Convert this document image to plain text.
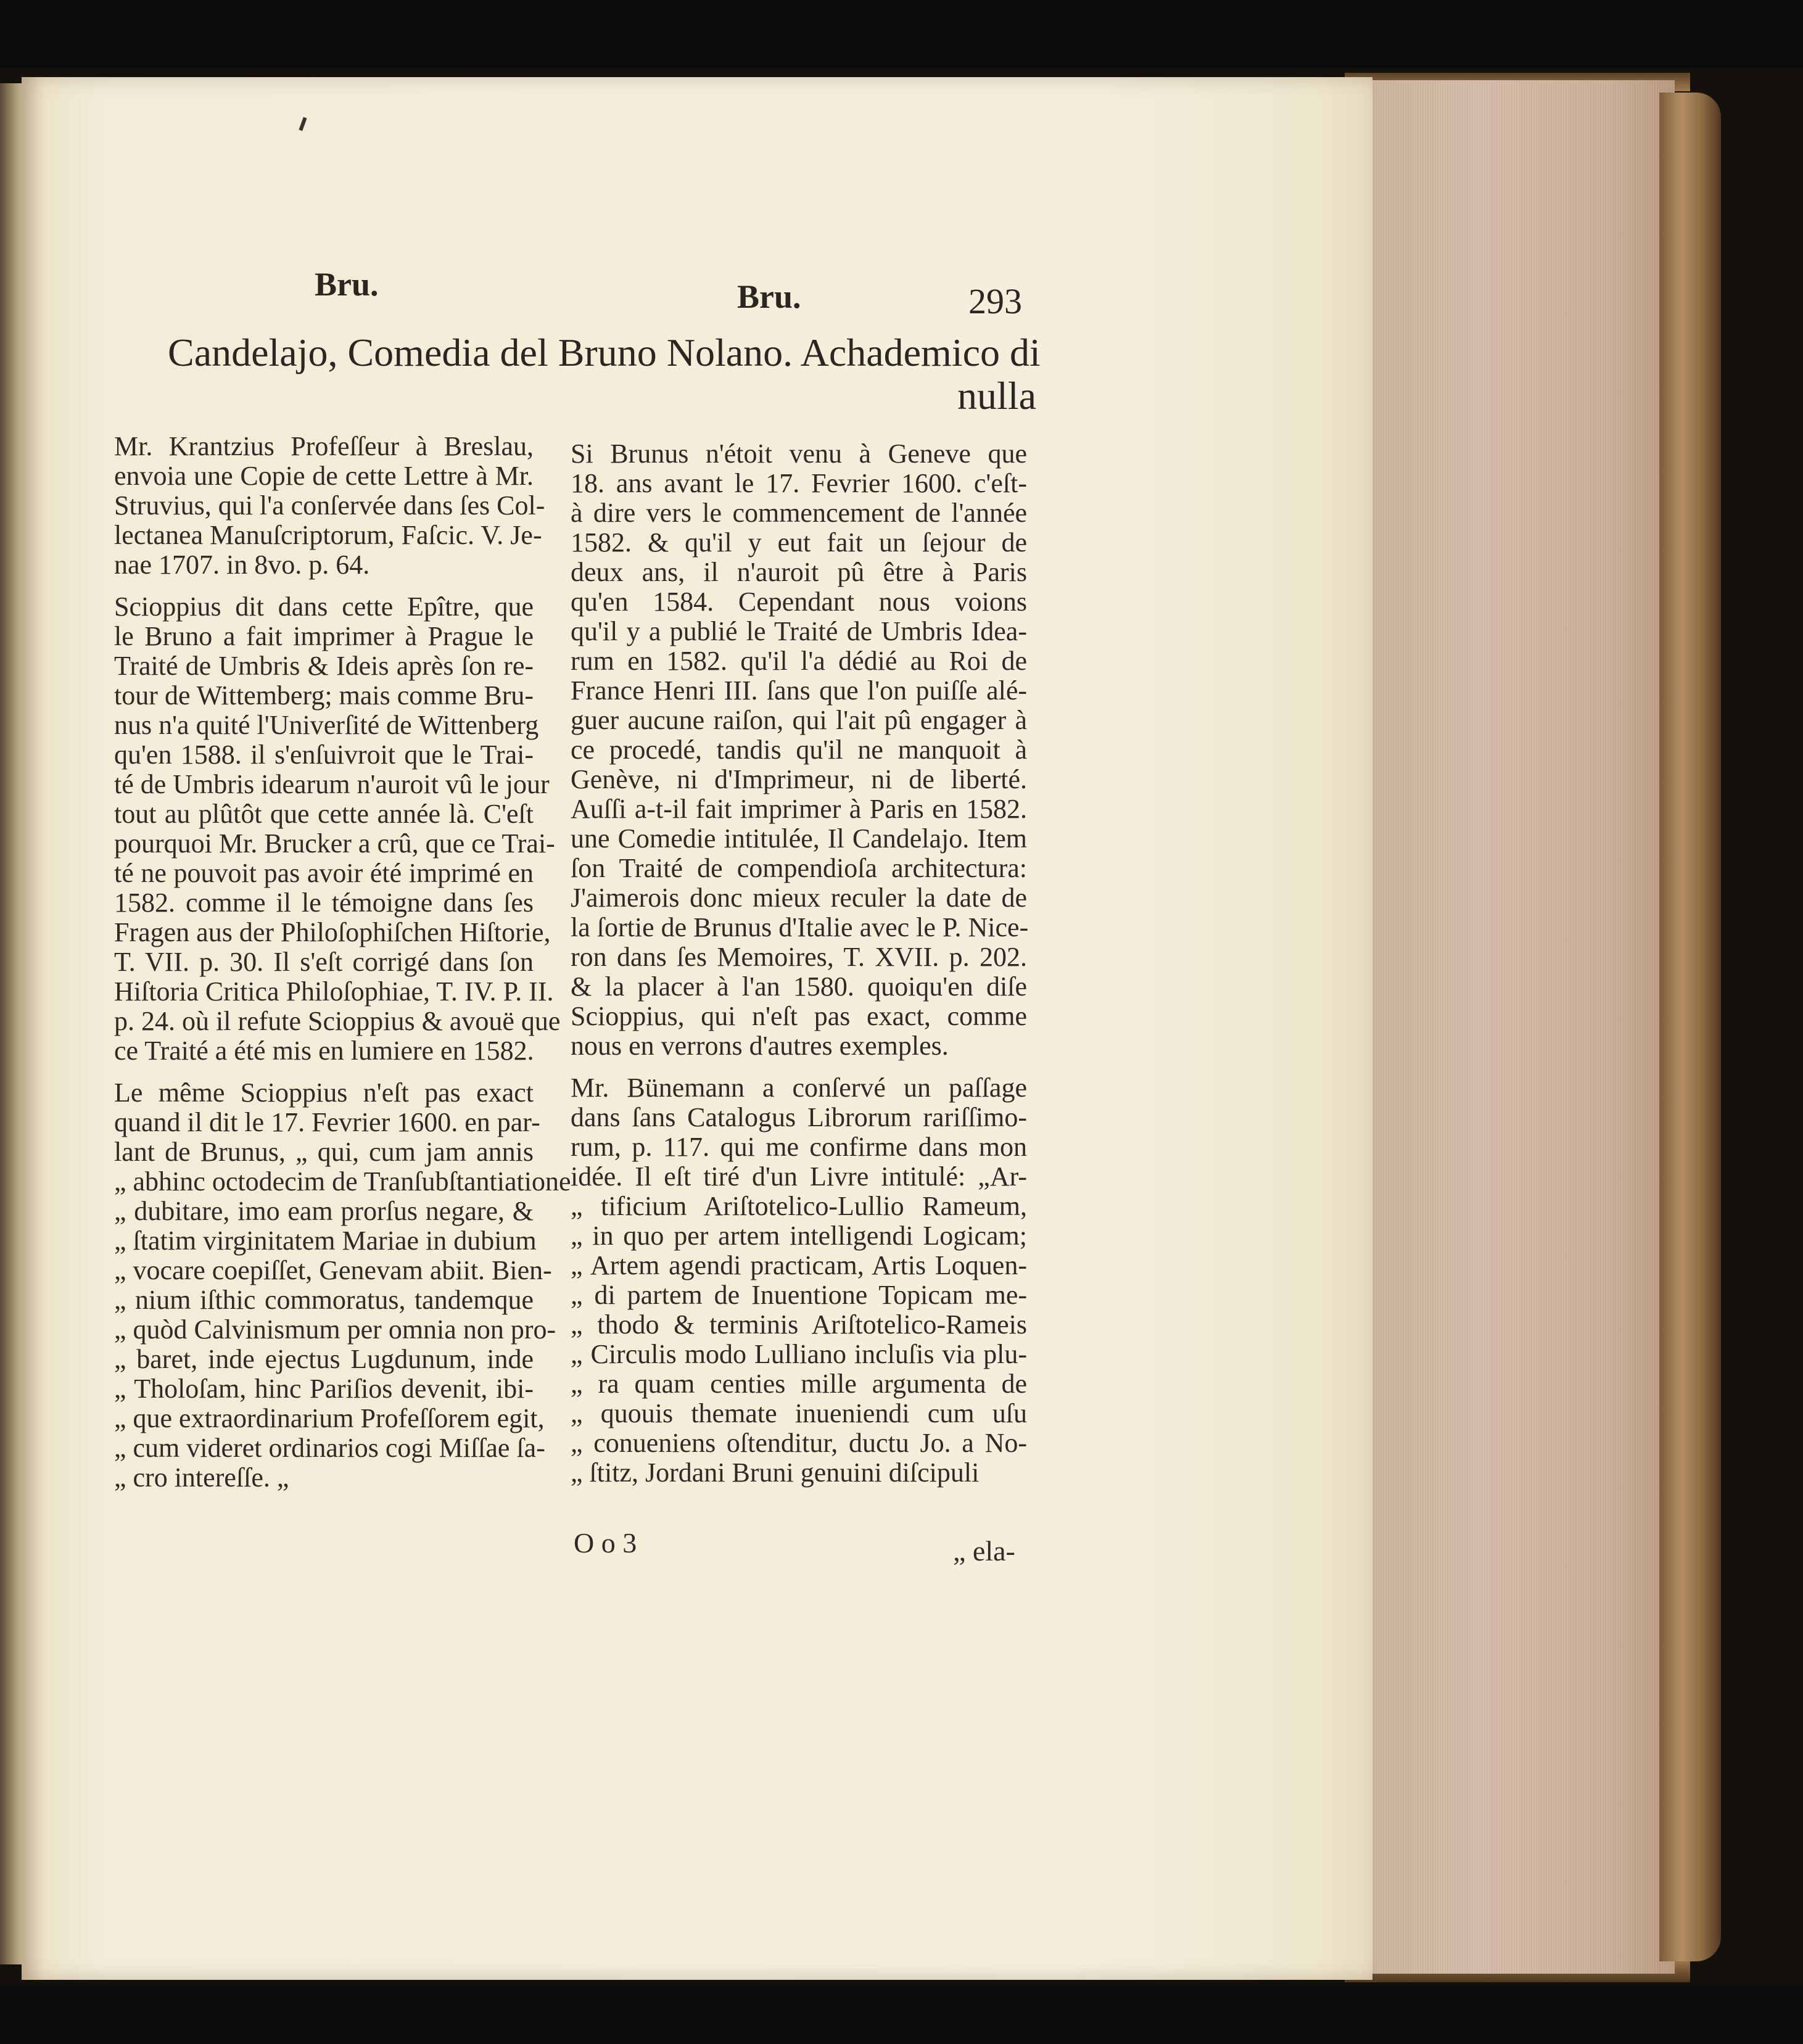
Bru.	Bru.	293
Candelajo, Comedia del Bruno Nolano. Achademico di
nulla
Mr. Krantzius Profeſſeur à Breslau,
envoia une Copie de cette Lettre à Mr.
Struvius, qui l'a conſervée dans ſes Col-
lectanea Manuſcriptorum, Faſcic. V. Je-
nae 1707. in 8vo. p. 64.
Scioppius dit dans cette Epître, que
le Bruno a fait imprimer à Prague le
Traité de Umbris & Ideis après ſon re-
tour de Wittemberg; mais comme Bru-
nus n'a quité l'Univerſité de Wittenberg
qu'en 1588. il s'enſuivroit que le Trai-
té de Umbris idearum n'auroit vû le jour
tout au plûtôt que cette année là. C'eſt
pourquoi Mr. Brucker a crû, que ce Trai-
té ne pouvoit pas avoir été imprimé en
1582. comme il le témoigne dans ſes
Fragen aus der Philoſophiſchen Hiſtorie,
T. VII. p. 30. Il s'eſt corrigé dans ſon
Hiſtoria Critica Philoſophiae, T. IV. P. II.
p. 24. où il refute Scioppius & avouë que
ce Traité a été mis en lumiere en 1582.
Le même Scioppius n'eſt pas exact
quand il dit le 17. Fevrier 1600. en par-
lant de Brunus, „ qui, cum jam annis
„ abhinc octodecim de Tranſubſtantiatione
„ dubitare, imo eam prorſus negare, &
„ ſtatim virginitatem Mariae in dubium
„ vocare coepiſſet, Genevam abiit. Bien-
„ nium iſthic commoratus, tandemque
„ quòd Calvinismum per omnia non pro-
„ baret, inde ejectus Lugdunum, inde
„ Tholoſam, hinc Pariſios devenit, ibi-
„ que extraordinarium Profeſſorem egit,
„ cum videret ordinarios cogi Miſſae ſa-
„ cro intereſſe. „
Si Brunus n'étoit venu à Geneve que
18. ans avant le 17. Fevrier 1600. c'eſt-
à dire vers le commencement de l'année
1582. & qu'il y eut fait un ſejour de
deux ans, il n'auroit pû être à Paris
qu'en 1584. Cependant nous voions
qu'il y a publié le Traité de Umbris Idea-
rum en 1582. qu'il l'a dédié au Roi de
France Henri III. ſans que l'on puiſſe alé-
guer aucune raiſon, qui l'ait pû engager à
ce procedé, tandis qu'il ne manquoit à
Genève, ni d'Imprimeur, ni de liberté.
Auſſi a-t-il fait imprimer à Paris en 1582.
une Comedie intitulée, Il Candelajo. Item
ſon Traité de compendioſa architectura:
J'aimerois donc mieux reculer la date de
la ſortie de Brunus d'Italie avec le P. Nice-
ron dans ſes Memoires, T. XVII. p. 202.
& la placer à l'an 1580. quoiqu'en diſe
Scioppius, qui n'eſt pas exact, comme
nous en verrons d'autres exemples.
Mr. Bünemann a conſervé un paſſage
dans ſans Catalogus Librorum rariſſimo-
rum, p. 117. qui me confirme dans mon
idée. Il eſt tiré d'un Livre intitulé: „Ar-
„ tificium Ariſtotelico-Lullio Rameum,
„ in quo per artem intelligendi Logicam;
„ Artem agendi practicam, Artis Loquen-
„ di partem de Inuentione Topicam me-
„ thodo & terminis Ariſtotelico-Rameis
„ Circulis modo Lulliano incluſis via plu-
„ ra quam centies mille argumenta de
„ quouis themate inueniendi cum uſu
„ conueniens oſtenditur, ductu Jo. a No-
„ ſtitz, Jordani Bruni genuini diſcipuli
O o 3	„ ela-
